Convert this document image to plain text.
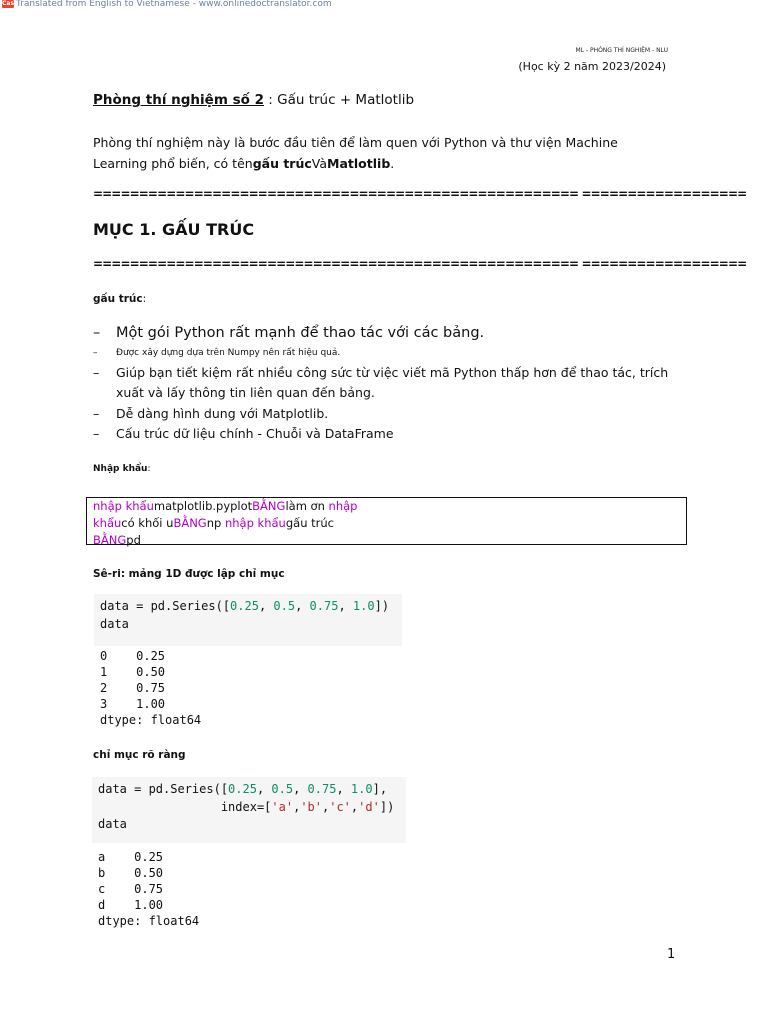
Cas Translated from English to Vietnamese - www.onlinedoctranslator.com
ML - PHÒNG THÍ NGHIỆM - NLU
(Học kỳ 2 năm 2023/2024)
Phòng thí nghiệm số 2 : Gấu trúc + Matlotlib
Phòng thí nghiệm này là bước đầu tiên để làm quen với Python và thư viện Machine Learning phổ biến, có têngấu trúcVàMatlotlib.
===================================================== ==================
MỤC 1. GẤU TRÚC
===================================================== ==================
gấu trúc:
– Một gói Python rất mạnh để thao tác với các bảng.
– Được xây dựng dựa trên Numpy nên rất hiệu quả.
– Giúp bạn tiết kiệm rất nhiều công sức từ việc viết mã Python thấp hơn để thao tác, trích xuất và lấy thông tin liên quan đến bảng.
– Dễ dàng hình dung với Matplotlib.
– Cấu trúc dữ liệu chính - Chuỗi và DataFrame
Nhập khẩu:
nhập khẩumatplotlib.pyplotBẰNGlàm ơn nhập
khẩucó khối uBẰNGnp nhập khẩugấu trúc
BẰNGpd
Sê-ri: mảng 1D được lập chỉ mục
data = pd.Series([0.25, 0.5, 0.75, 1.0])
data
0    0.25
1    0.50
2    0.75
3    1.00
dtype: float64
chỉ mục rõ ràng
data = pd.Series([0.25, 0.5, 0.75, 1.0],
index=['a','b','c','d'])
data
a    0.25
b    0.50
c    0.75
d    1.00
dtype: float64
1
